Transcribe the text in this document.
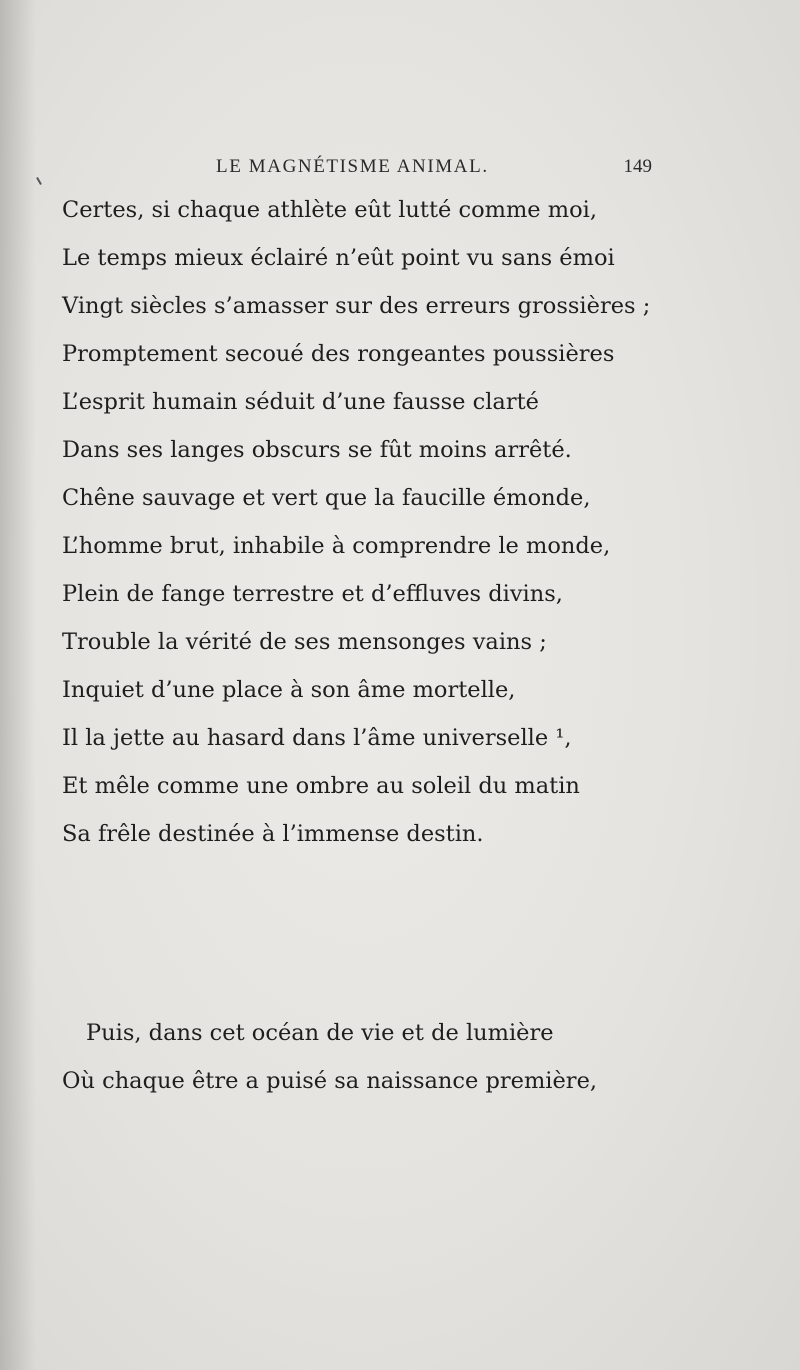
LE MAGNÉTISME ANIMAL.	149
Certes, si chaque athlète eût lutté comme moi,
Le temps mieux éclairé n’eût point vu sans émoi
Vingt siècles s’amasser sur des erreurs grossières ;
Promptement secoué des rongeantes poussières
L’esprit humain séduit d’une fausse clarté
Dans ses langes obscurs se fût moins arrêté.
Chêne sauvage et vert que la faucille émonde,
L’homme brut, inhabile à comprendre le monde,
Plein de fange terrestre et d’effluves divins,
Trouble la vérité de ses mensonges vains ;
Inquiet d’une place à son âme mortelle,
Il la jette au hasard dans l’âme universelle ¹,
Et mêle comme une ombre au soleil du matin
Sa frêle destinée à l’immense destin.
Puis, dans cet océan de vie et de lumière
Où chaque être a puisé sa naissance première,
